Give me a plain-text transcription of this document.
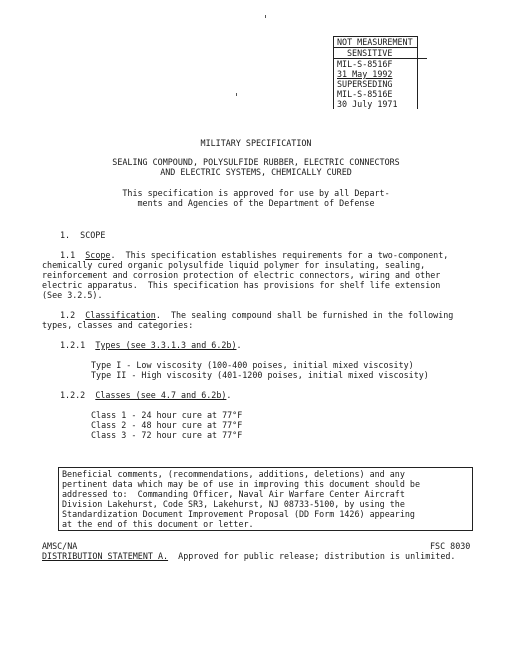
NOT MEASUREMENT
SENSITIVE
MIL-S-8516F
31 May 1992
SUPERSEDING
MIL-S-8516E
30 July 1971
MILITARY SPECIFICATION
SEALING COMPOUND, POLYSULFIDE RUBBER, ELECTRIC CONNECTORS
AND ELECTRIC SYSTEMS, CHEMICALLY CURED
This specification is approved for use by all Depart-
ments and Agencies of the Department of Defense
1.  SCOPE
1.1 Scope.  This specification establishes requirements for a two-component,
chemically cured organic polysulfide liquid polymer for insulating, sealing,
reinforcement and corrosion protection of electric connectors, wiring and other
electric apparatus.  This specification has provisions for shelf life extension
(See 3.2.5).
1.2 Classification.  The sealing compound shall be furnished in the following
types, classes and categories:
1.2.1 Types (see 3.3.1.3 and 6.2b).
Type I - Low viscosity (100-400 poises, initial mixed viscosity)
Type II - High viscosity (401-1200 poises, initial mixed viscosity)
1.2.2 Classes (see 4.7 and 6.2b).
Class 1 - 24 hour cure at 77°F
Class 2 - 48 hour cure at 77°F
Class 3 - 72 hour cure at 77°F
Beneficial comments, (recommendations, additions, deletions) and any
pertinent data which may be of use in improving this document should be
addressed to:  Commanding Officer, Naval Air Warfare Center Aircraft
Division Lakehurst, Code SR3, Lakehurst, NJ 08733-5100, by using the
Standardization Document Improvement Proposal (DD Form 1426) appearing
at the end of this document or letter.
AMSC/NA	FSC 8030
DISTRIBUTION STATEMENT A.  Approved for public release; distribution is unlimited.
